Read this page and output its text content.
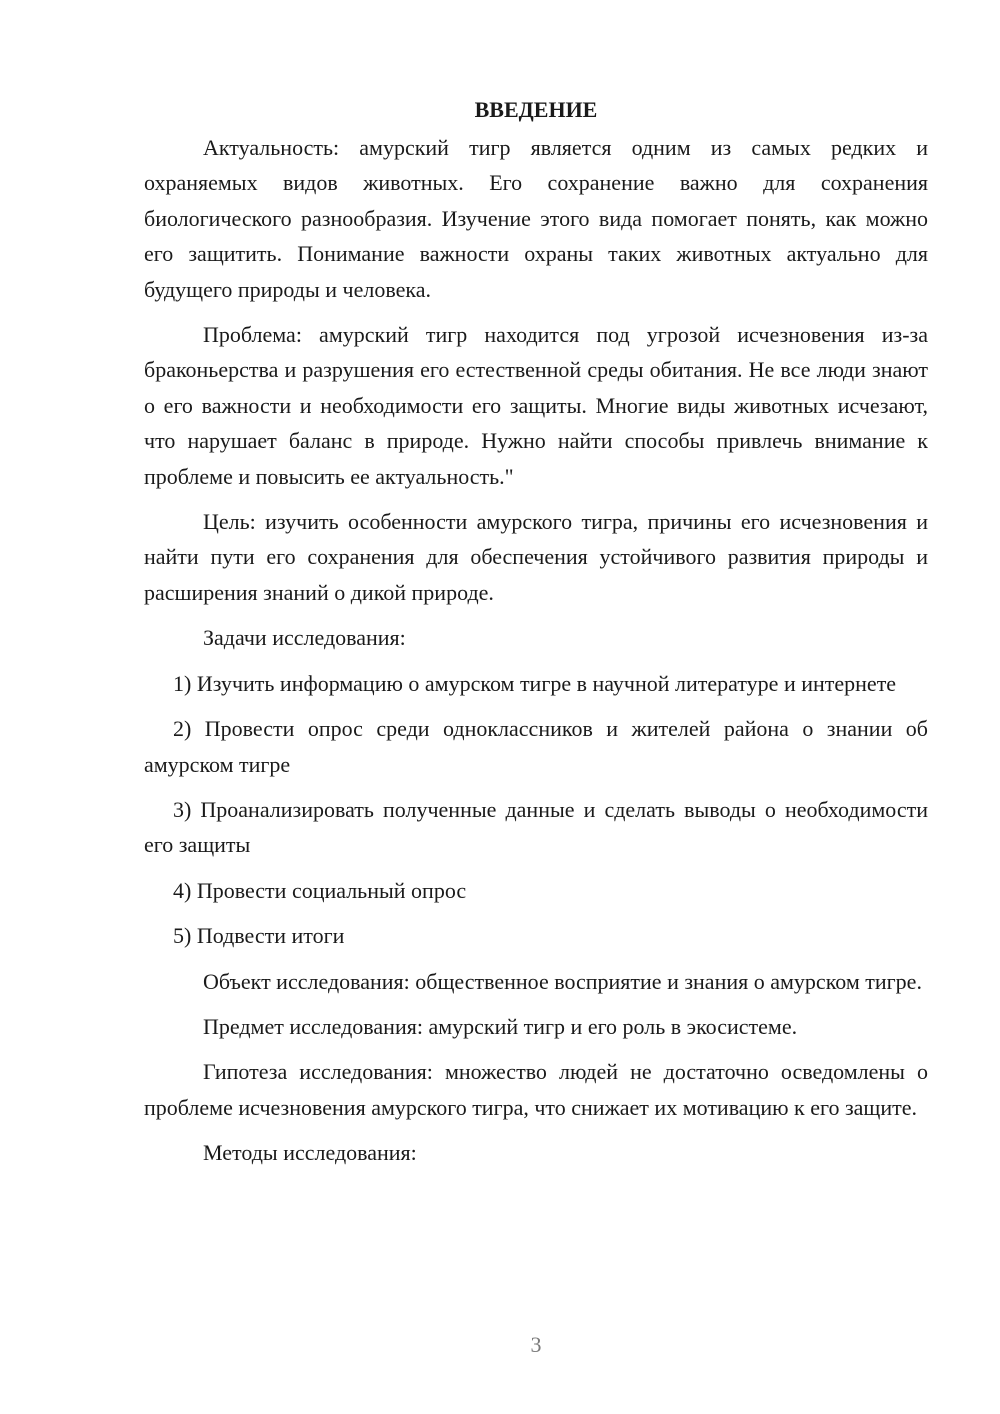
ВВЕДЕНИЕ

Актуальность: амурский тигр является одним из самых редких и охраняемых видов животных. Его сохранение важно для сохранения биологического разнообразия. Изучение этого вида помогает понять, как можно его защитить. Понимание важности охраны таких животных актуально для будущего природы и человека.

Проблема: амурский тигр находится под угрозой исчезновения из-за браконьерства и разрушения его естественной среды обитания. Не все люди знают о его важности и необходимости его защиты. Многие виды животных исчезают, что нарушает баланс в природе. Нужно найти способы привлечь внимание к проблеме и повысить ее актуальность."

Цель: изучить особенности амурского тигра, причины его исчезновения и найти пути его сохранения для обеспечения устойчивого развития природы и расширения знаний о дикой природе.

Задачи исследования:

1) Изучить информацию о амурском тигре в научной литературе и интернете

2) Провести опрос среди одноклассников и жителей района о знании об амурском тигре

3) Проанализировать полученные данные и сделать выводы о необходимости его защиты

4) Провести социальный опрос

5) Подвести итоги

Объект исследования: общественное восприятие и знания о амурском тигре.

Предмет исследования: амурский тигр и его роль в экосистеме.

Гипотеза исследования: множество людей не достаточно осведомлены о проблеме исчезновения амурского тигра, что снижает их мотивацию к его защите.

Методы исследования:

3
